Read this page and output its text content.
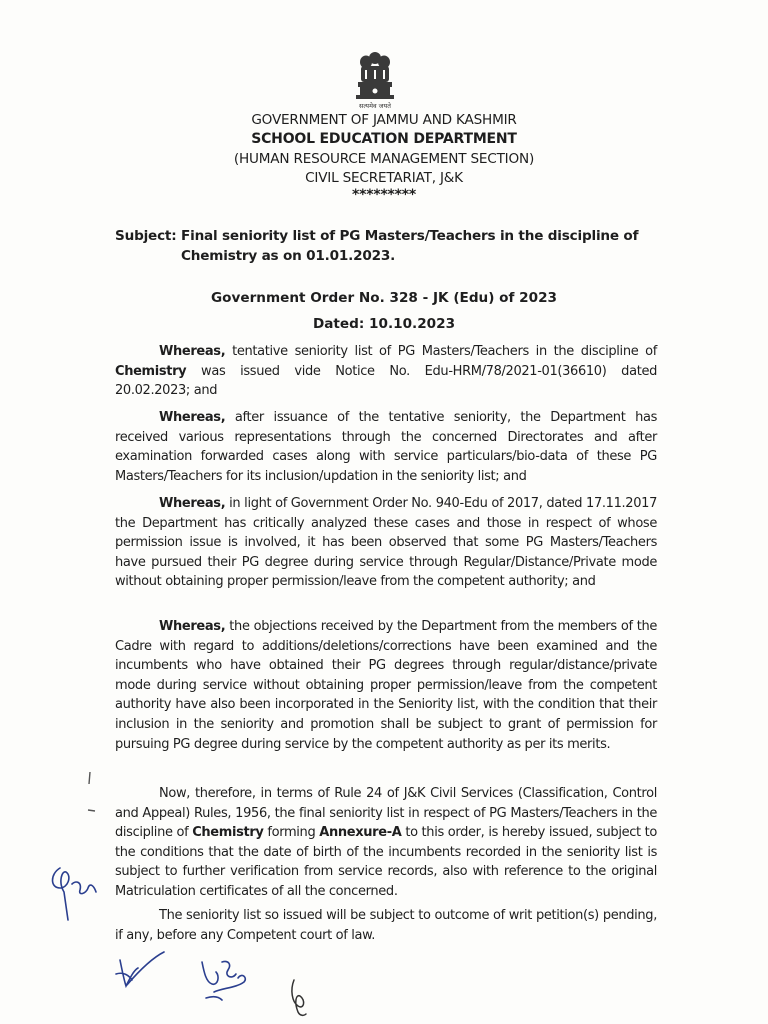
सत्यमेव जयते
GOVERNMENT OF JAMMU AND KASHMIR
SCHOOL EDUCATION DEPARTMENT
(HUMAN RESOURCE MANAGEMENT SECTION)
CIVIL SECRETARIAT, J&K
*********
Subject: Final seniority list of PG Masters/Teachers in the discipline of
Chemistry as on 01.01.2023.
Government Order No. 328 - JK (Edu) of 2023
Dated: 10.10.2023
Whereas, tentative seniority list of PG Masters/Teachers in the discipline of Chemistry was issued vide Notice No. Edu-HRM/78/2021-01(36610) dated 20.02.2023; and
Whereas, after issuance of the tentative seniority, the Department has received various representations through the concerned Directorates and after examination forwarded cases along with service particulars/bio-data of these PG Masters/Teachers for its inclusion/updation in the seniority list; and
Whereas, in light of Government Order No. 940-Edu of 2017, dated 17.11.2017 the Department has critically analyzed these cases and those in respect of whose permission issue is involved, it has been observed that some PG Masters/Teachers have pursued their PG degree during service through Regular/Distance/Private mode without obtaining proper permission/leave from the competent authority; and
Whereas, the objections received by the Department from the members of the Cadre with regard to additions/deletions/corrections have been examined and the incumbents who have obtained their PG degrees through regular/distance/private mode during service without obtaining proper permission/leave from the competent authority have also been incorporated in the Seniority list, with the condition that their inclusion in the seniority and promotion shall be subject to grant of permission for pursuing PG degree during service by the competent authority as per its merits.
Now, therefore, in terms of Rule 24 of J&K Civil Services (Classification, Control and Appeal) Rules, 1956, the final seniority list in respect of PG Masters/Teachers in the discipline of Chemistry forming Annexure-A to this order, is hereby issued, subject to the conditions that the date of birth of the incumbents recorded in the seniority list is subject to further verification from service records, also with reference to the original Matriculation certificates of all the concerned.
The seniority list so issued will be subject to outcome of writ petition(s) pending, if any, before any Competent court of law.
